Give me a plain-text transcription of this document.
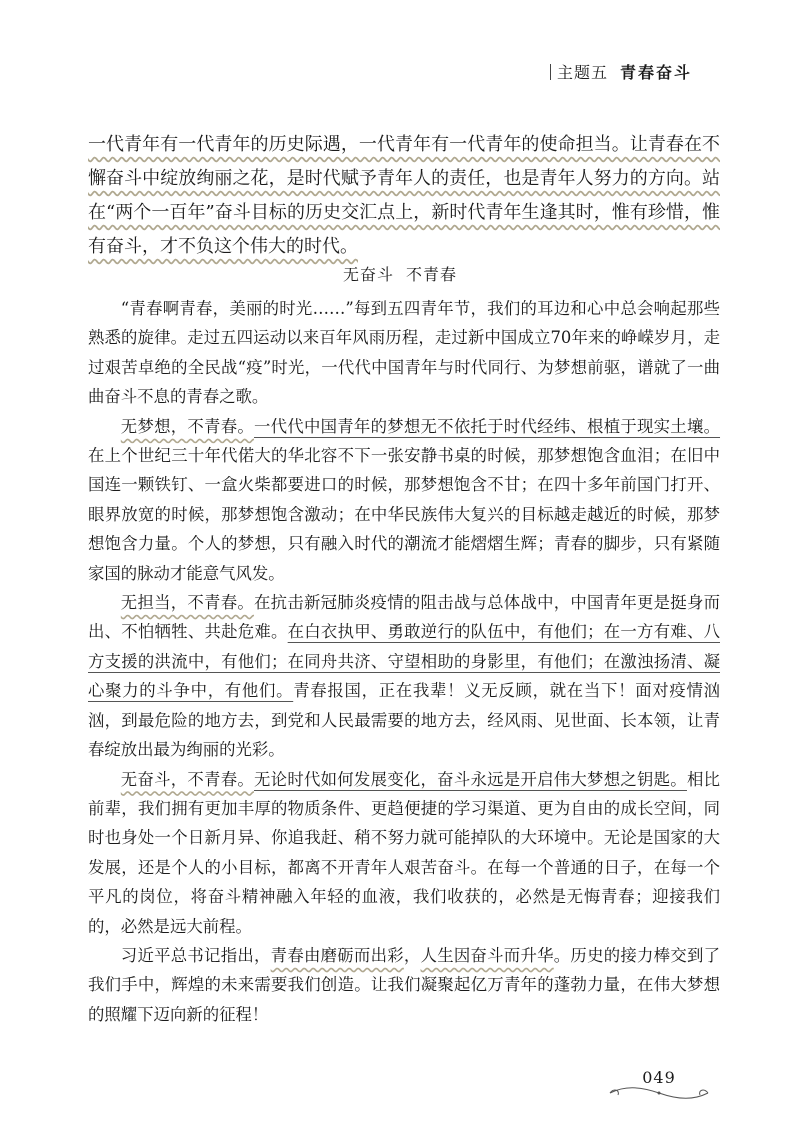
主题五 青春奋斗
一代青年有一代青年的历史际遇，一代青年有一代青年的使命担当。让青春在不懈奋斗中绽放绚丽之花，是时代赋予青年人的责任，也是青年人努力的方向。站在“两个一百年”奋斗目标的历史交汇点上，新时代青年生逢其时，惟有珍惜，惟有奋斗，才不负这个伟大的时代。
无奋斗 不青春

“青春啊青春，美丽的时光……”每到五四青年节，我们的耳边和心中总会响起那些熟悉的旋律。走过五四运动以来百年风雨历程，走过新中国成立70年来的峥嵘岁月，走过艰苦卓绝的全民战“疫”时光，一代代中国青年与时代同行、为梦想前驱，谱就了一曲曲奋斗不息的青春之歌。

无梦想，不青春。一代代中国青年的梦想无不依托于时代经纬、根植于现实土壤。在上个世纪三十年代偌大的华北容不下一张安静书桌的时候，那梦想饱含血泪；在旧中国连一颗铁钉、一盒火柴都要进口的时候，那梦想饱含不甘；在四十多年前国门打开、眼界放宽的时候，那梦想饱含激动；在中华民族伟大复兴的目标越走越近的时候，那梦想饱含力量。个人的梦想，只有融入时代的潮流才能熠熠生辉；青春的脚步，只有紧随家国的脉动才能意气风发。

无担当，不青春。在抗击新冠肺炎疫情的阻击战与总体战中，中国青年更是挺身而出、不怕牺牲、共赴危难。在白衣执甲、勇敢逆行的队伍中，有他们；在一方有难、八方支援的洪流中，有他们；在同舟共济、守望相助的身影里，有他们；在激浊扬清、凝心聚力的斗争中，有他们。青春报国，正在我辈！义无反顾，就在当下！面对疫情汹汹，到最危险的地方去，到党和人民最需要的地方去，经风雨、见世面、长本领，让青春绽放出最为绚丽的光彩。

无奋斗，不青春。无论时代如何发展变化，奋斗永远是开启伟大梦想之钥匙。相比前辈，我们拥有更加丰厚的物质条件、更趋便捷的学习渠道、更为自由的成长空间，同时也身处一个日新月异、你追我赶、稍不努力就可能掉队的大环境中。无论是国家的大发展，还是个人的小目标，都离不开青年人艰苦奋斗。在每一个普通的日子，在每一个平凡的岗位，将奋斗精神融入年轻的血液，我们收获的，必然是无悔青春；迎接我们的，必然是远大前程。

习近平总书记指出，青春由磨砺而出彩，人生因奋斗而升华。历史的接力棒交到了我们手中，辉煌的未来需要我们创造。让我们凝聚起亿万青年的蓬勃力量，在伟大梦想的照耀下迈向新的征程！

049
